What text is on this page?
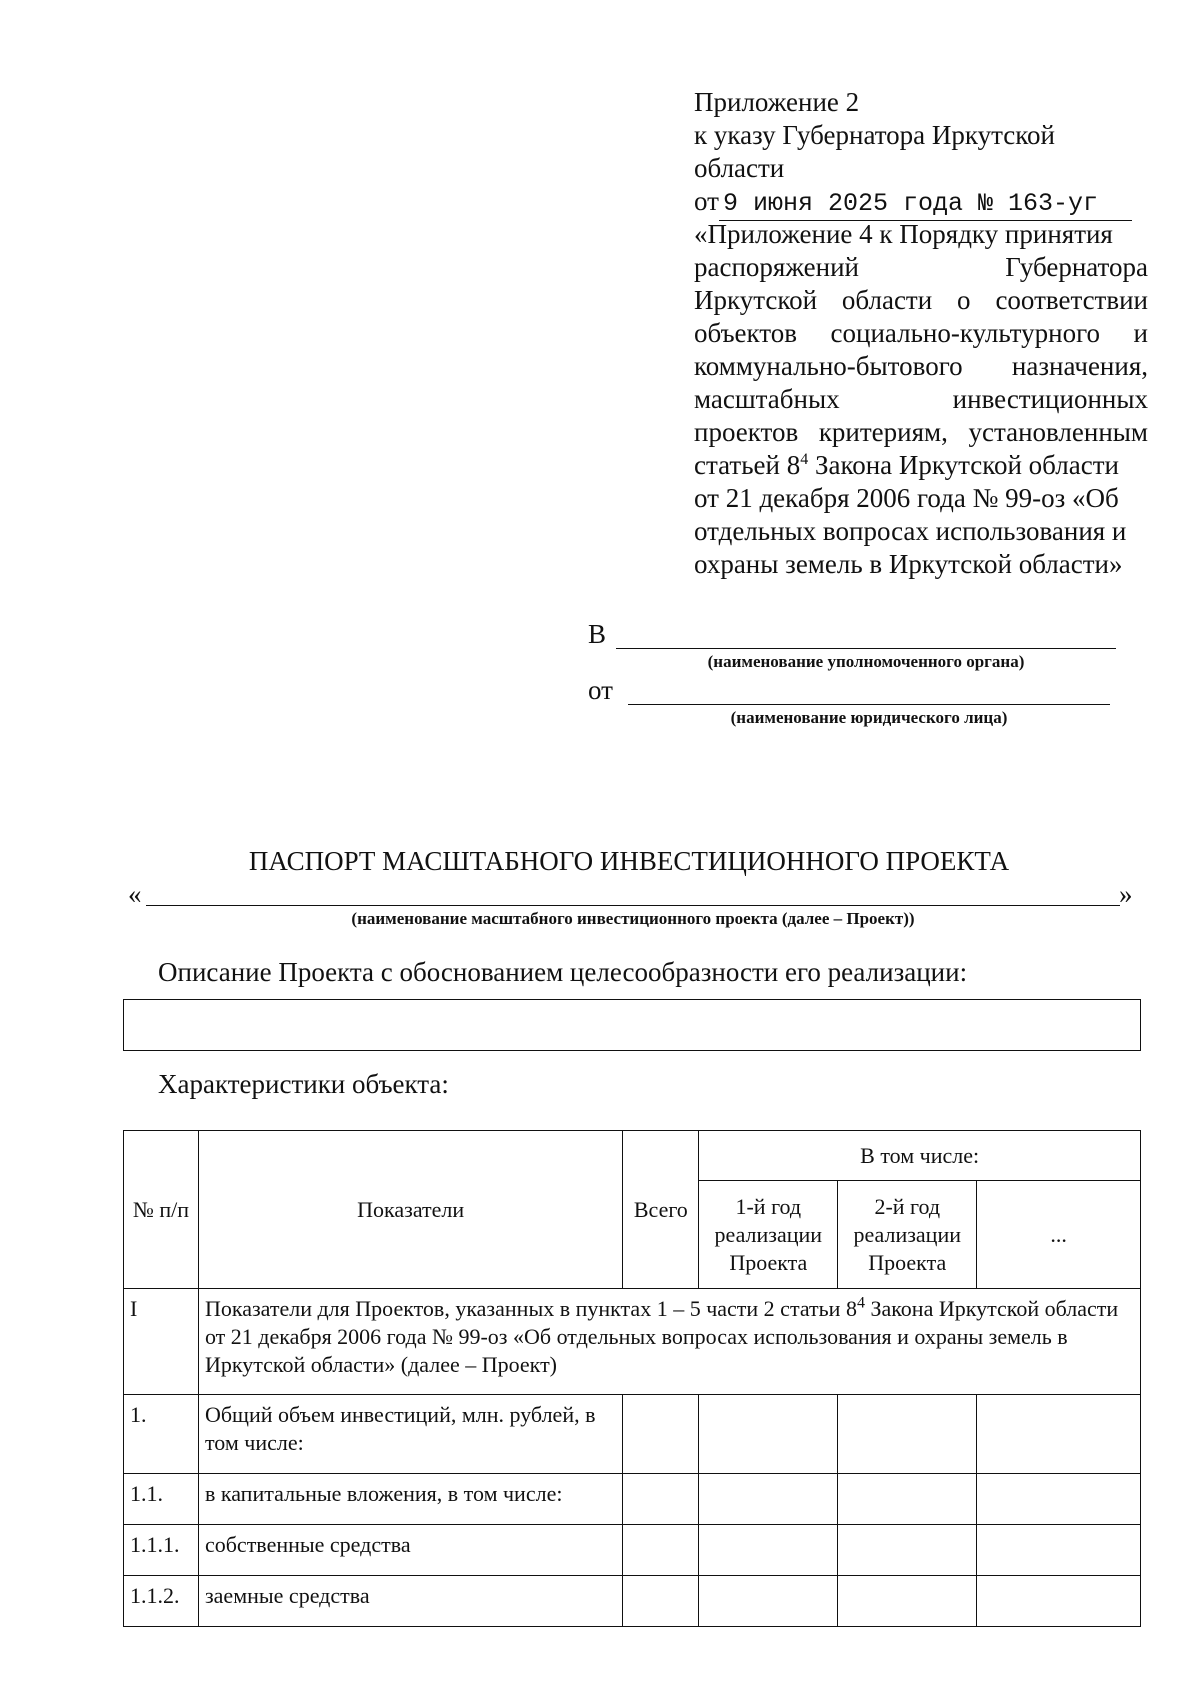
Приложение 2
к указу Губернатора Иркутской
области
от 9 июня 2025 года № 163-уг
«Приложение 4 к Порядку принятия
распоряжений	Губернатора
Иркутской области о соответствии
объектов социально-культурного и
коммунально-бытового назначения,
масштабных	инвестиционных
проектов критериям, установленным
статьей $8^4$ Закона Иркутской области
от 21 декабря 2006 года № 99-оз «Об
отдельных вопросах использования и
охраны земель в Иркутской области»
В
(наименование уполномоченного органа)
от
(наименование юридического лица)
ПАСПОРТ МАСШТАБНОГО ИНВЕСТИЦИОННОГО ПРОЕКТА
«	»
(наименование масштабного инвестиционного проекта (далее – Проект))
Описание Проекта с обоснованием целесообразности его реализации:
Характеристики объекта:
№ п/п	Показатели	Всего	В том числе:		
			1-й год реализации Проекта	2-й год реализации Проекта	...
I	Показатели для Проектов, указанных в пунктах 1 – 5 части 2 статьи $8^4$ Закона Иркутской области от 21 декабря 2006 года № 99-оз «Об отдельных вопросах использования и охраны земель в Иркутской области» (далее – Проект)				
1.	Общий объем инвестиций, млн. рублей, в том числе:				
1.1.	в капитальные вложения, в том числе:				
1.1.1.	собственные средства				
1.1.2.	заемные средства				
